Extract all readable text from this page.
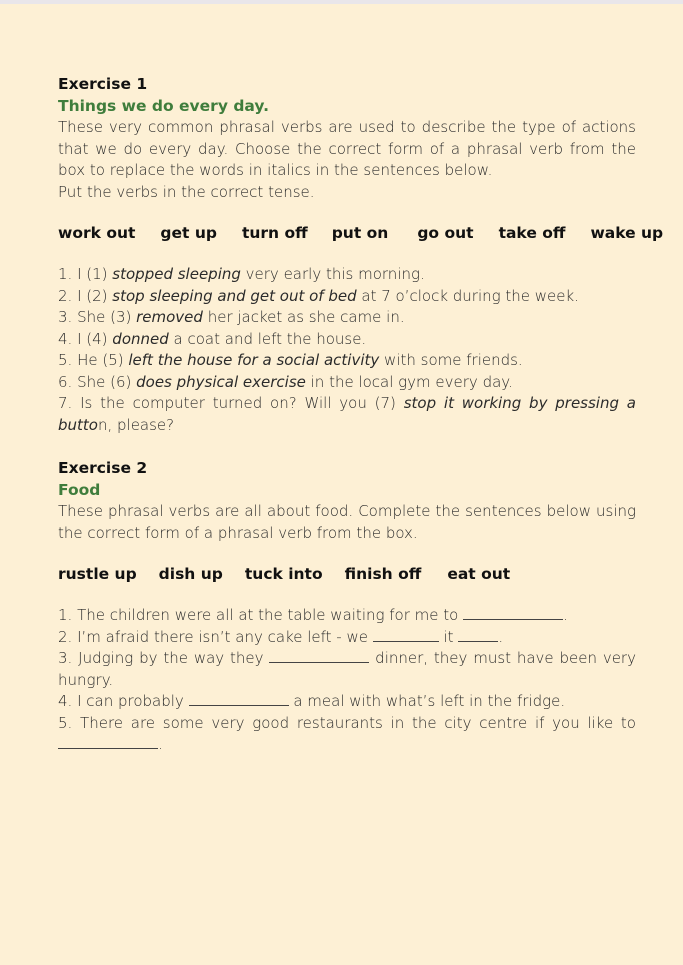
Exercise 1

Things we do every day.

These very common phrasal verbs are used to describe the type of actions that we do every day. Choose the correct form of a phrasal verb from the box to replace the words in italics in the sentences below.

Put the verbs in the correct tense.

work out get up turn off put on go out take off wake up
1. I (1) stopped sleeping very early this morning.
2. I (2) stop sleeping and get out of bed at 7 o’clock during the week.
3. She (3) removed her jacket as she came in.
4. I (4) donned a coat and left the house.
5. He (5) left the house for a social activity with some friends.
6. She (6) does physical exercise in the local gym every day.
7. Is the computer turned on? Will you (7) stop it working by pressing a button, please?

Exercise 2

Food

These phrasal verbs are all about food. Complete the sentences below using the correct form of a phrasal verb from the box.

rustle up dish up tuck into finish off eat out
1. The children were all at the table waiting for me to	.
2. I’m afraid there isn’t any cake left - we	it	.
3. Judging by the way they	dinner, they must have been very hungry.
4. I can probably	a meal with what’s left in the fridge.
5. There are some very good restaurants in the city centre if you like to .
